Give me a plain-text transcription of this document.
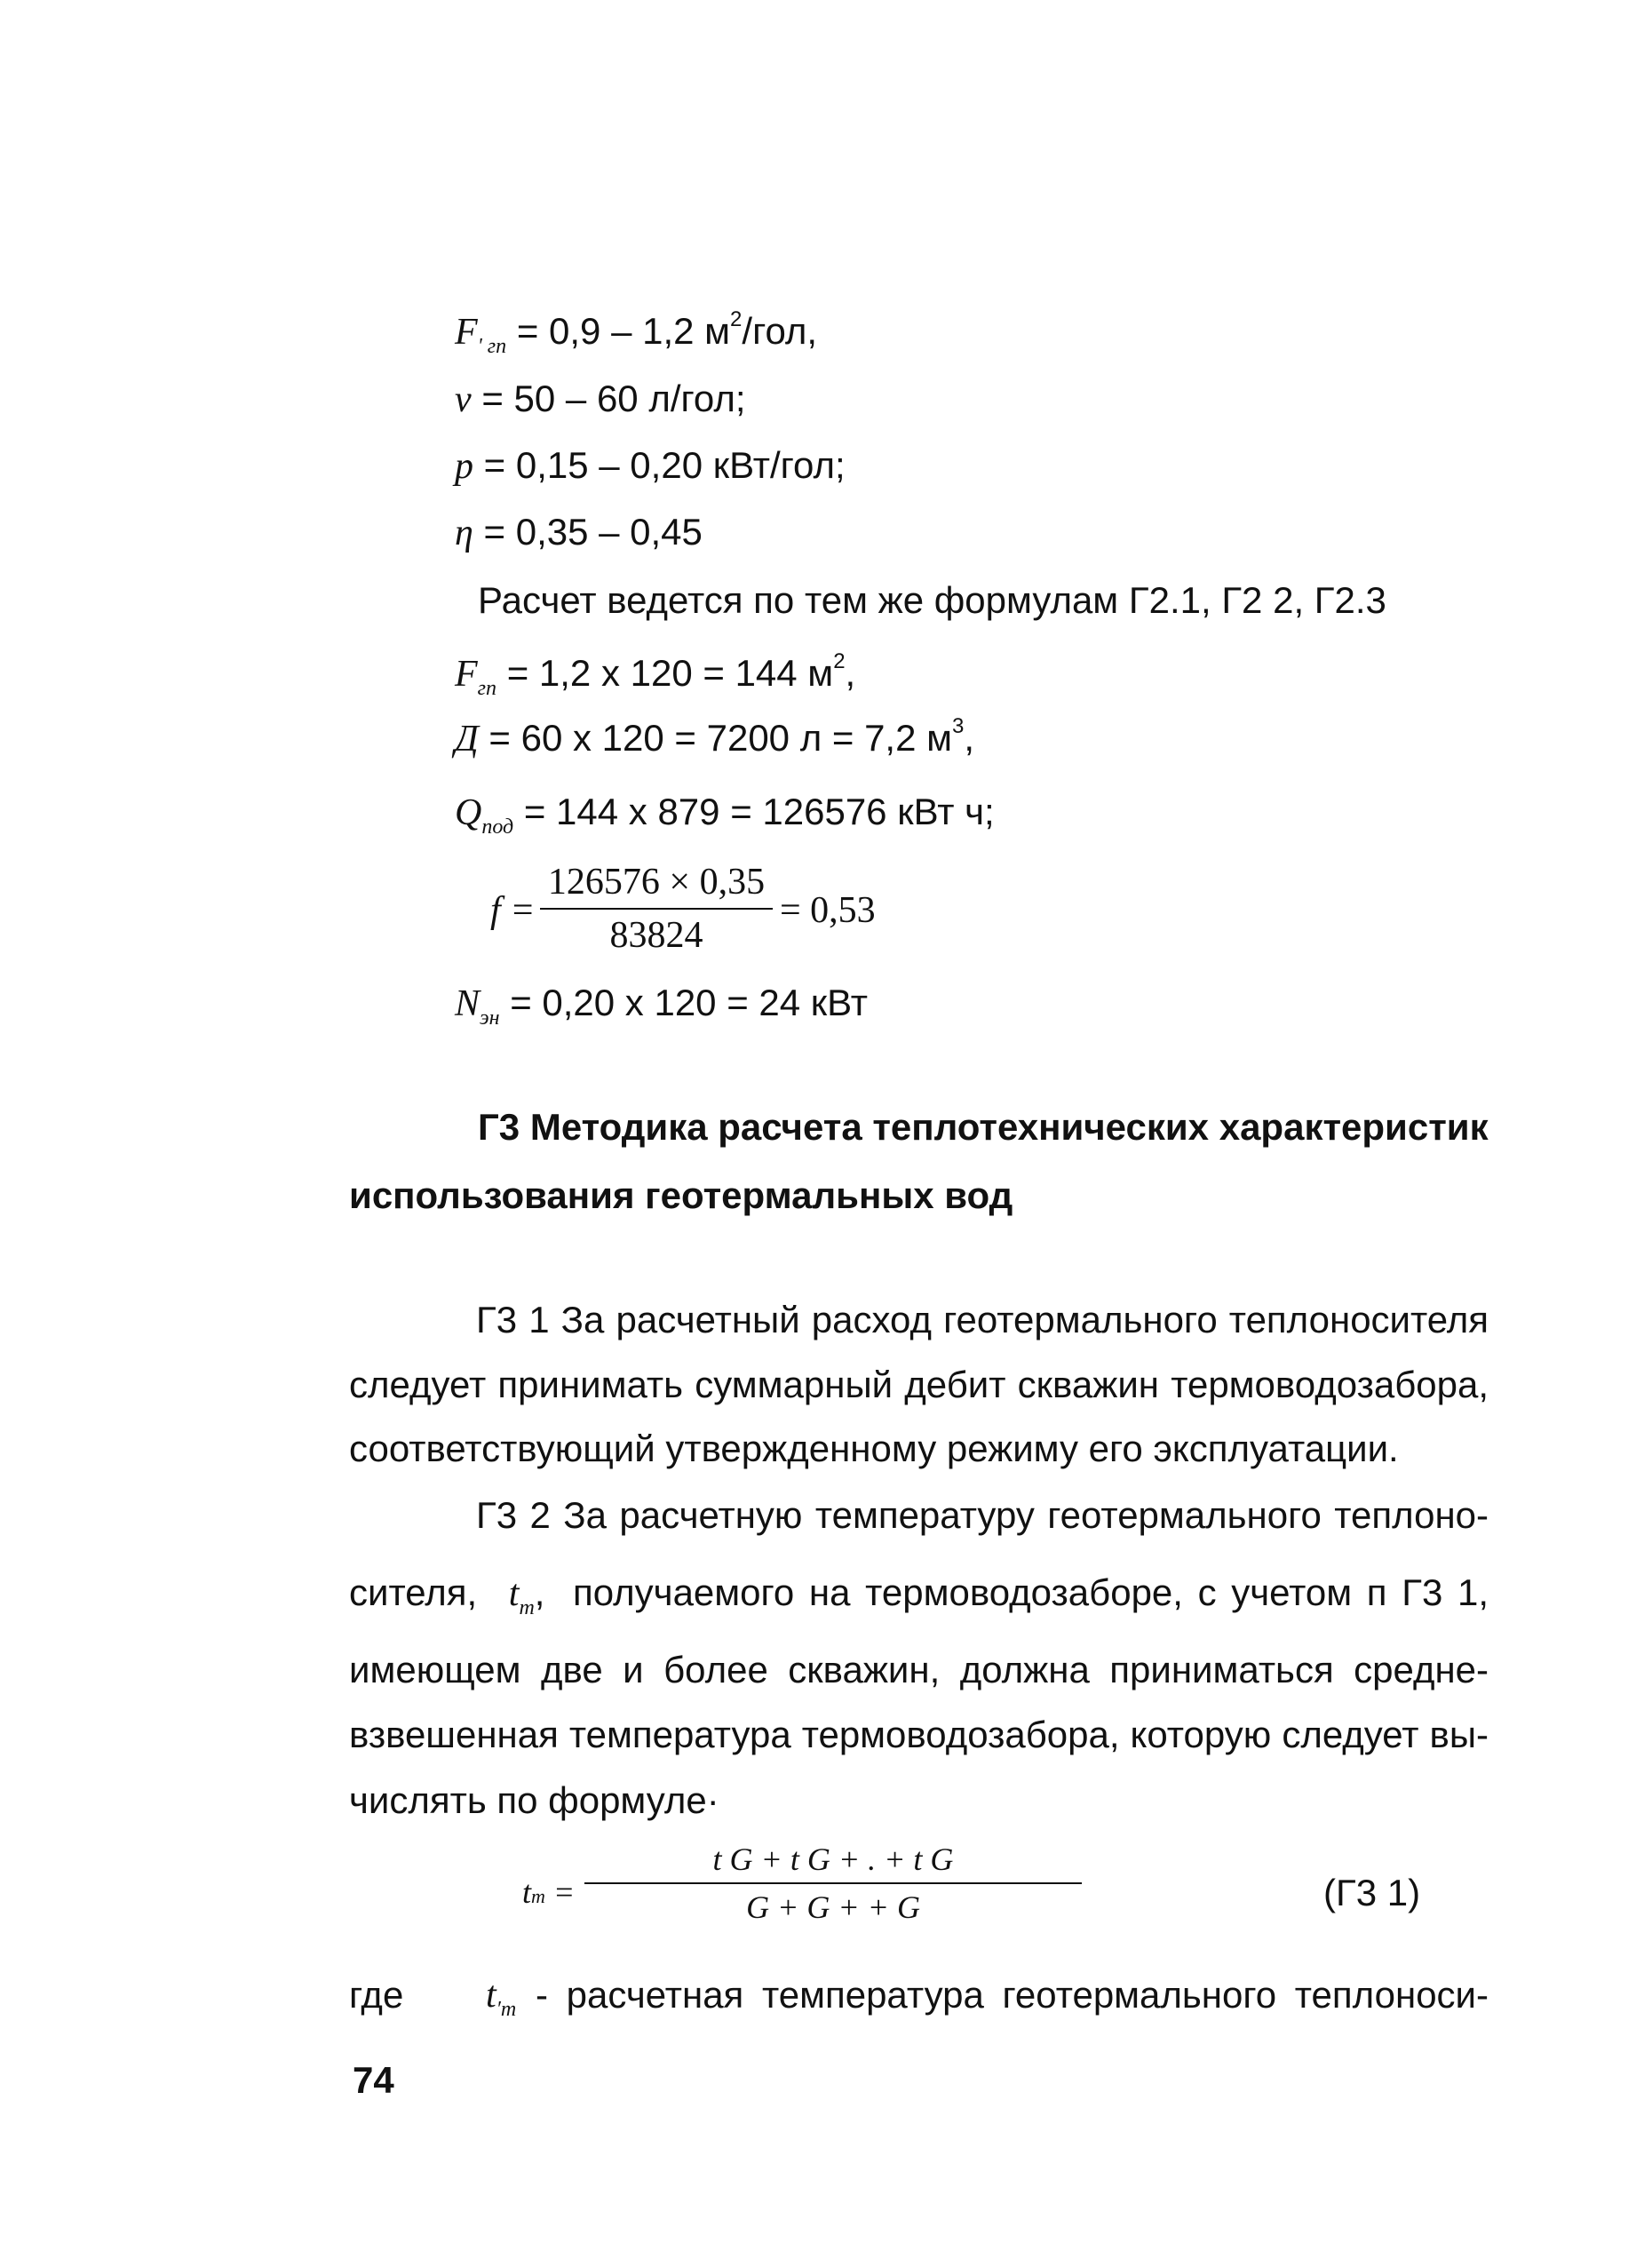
$F_{' гп} = 0,9 - 1,2$ $м^2$/гол,
v = 50 – 60 л/гол;
p = 0,15 – 0,20 кВт/гол;
η = 0,35 – 0,45
Расчет ведется по тем же формулам Г2.1, Г2 2, Г2.3
$F_{гп} = 1,2$ х 120 = 144 $м^2$,
Д = 60 х 120 = 7200 л = 7,2 $м^3$,
$Q_{под} = 144$ х 879 = 126576 кВт ч;
f =
126576 × 0,35
83824
= 0,53
$N_{эн} = 0,20$ х 120 = 24 кВт
Г3 Методика расчета теплотехнических характеристик
использования геотермальных вод
Г3 1 За расчетный расход геотермального теплоносителя
следует принимать суммарный дебит скважин термоводозабора,
соответствующий утвержденному режиму его эксплуатации.
Г3 2 За расчетную температуру геотермального теплоно-
сителя, $t_т$, получаемого на термоводозаборе, с учетом п Г3 1,
имеющем две и более скважин, должна приниматься средне-
взвешенная температура термоводозабора, которую следует вы-
числять по формуле·
tт =
t G + t G + . + t G
G + G + + G	(Г3 1)
где $t_{'т}$ - расчетная температура геотермального теплоноси-
74
